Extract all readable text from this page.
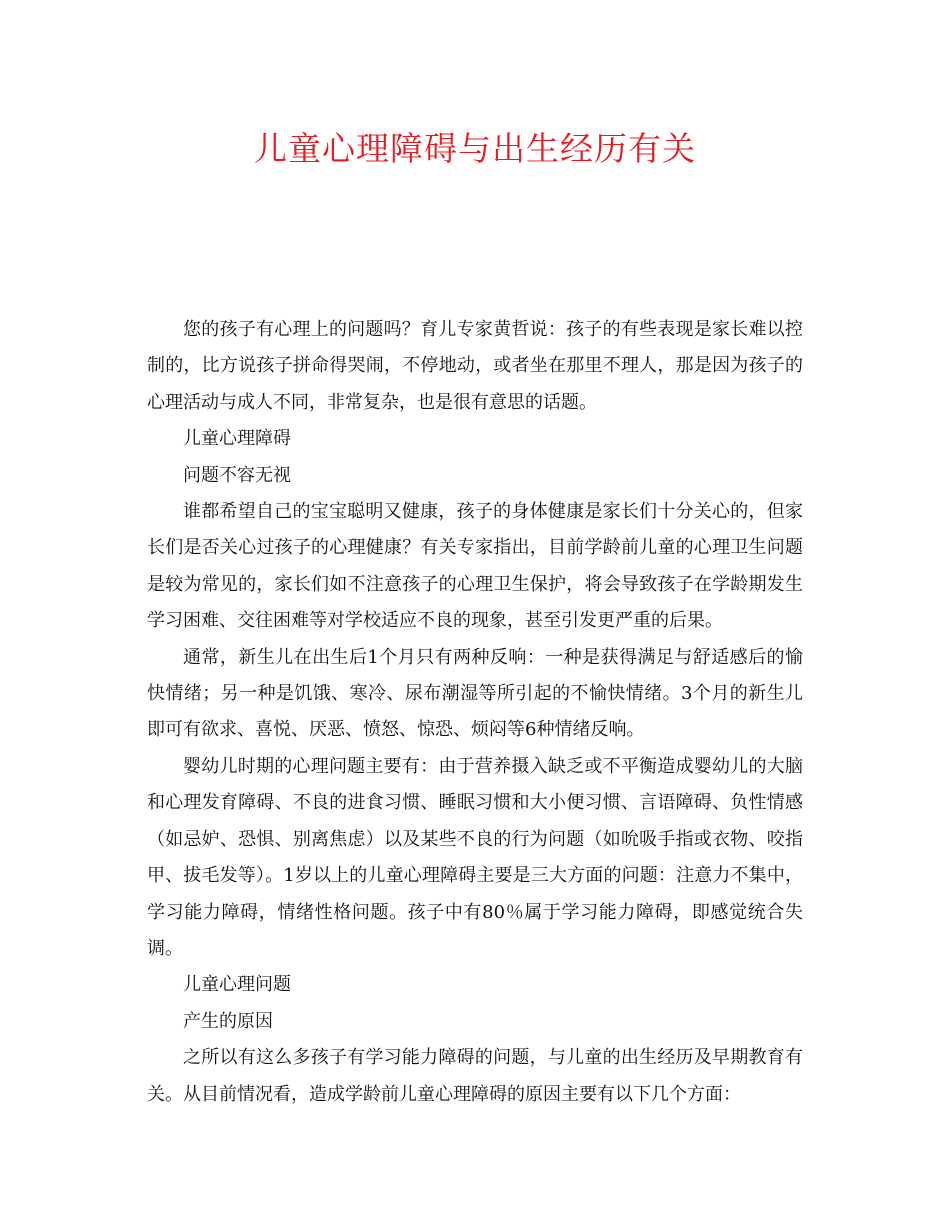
儿童心理障碍与出生经历有关

您的孩子有心理上的问题吗？育儿专家黄哲说：孩子的有些表现是家长难以控制的，比方说孩子拼命得哭闹，不停地动，或者坐在那里不理人，那是因为孩子的心理活动与成人不同，非常复杂，也是很有意思的话题。

儿童心理障碍

问题不容无视

谁都希望自己的宝宝聪明又健康，孩子的身体健康是家长们十分关心的，但家长们是否关心过孩子的心理健康？有关专家指出，目前学龄前儿童的心理卫生问题是较为常见的，家长们如不注意孩子的心理卫生保护，将会导致孩子在学龄期发生学习困难、交往困难等对学校适应不良的现象，甚至引发更严重的后果。

通常，新生儿在出生后1个月只有两种反响：一种是获得满足与舒适感后的愉快情绪；另一种是饥饿、寒冷、尿布潮湿等所引起的不愉快情绪。3个月的新生儿即可有欲求、喜悦、厌恶、愤怒、惊恐、烦闷等6种情绪反响。

婴幼儿时期的心理问题主要有：由于营养摄入缺乏或不平衡造成婴幼儿的大脑和心理发育障碍、不良的进食习惯、睡眠习惯和大小便习惯、言语障碍、负性情感（如忌妒、恐惧、别离焦虑）以及某些不良的行为问题（如吮吸手指或衣物、咬指甲、拔毛发等）。1岁以上的儿童心理障碍主要是三大方面的问题：注意力不集中，学习能力障碍，情绪性格问题。孩子中有80％属于学习能力障碍，即感觉统合失调。

儿童心理问题

产生的原因

之所以有这么多孩子有学习能力障碍的问题，与儿童的出生经历及早期教育有关。从目前情况看，造成学龄前儿童心理障碍的原因主要有以下几个方面：
